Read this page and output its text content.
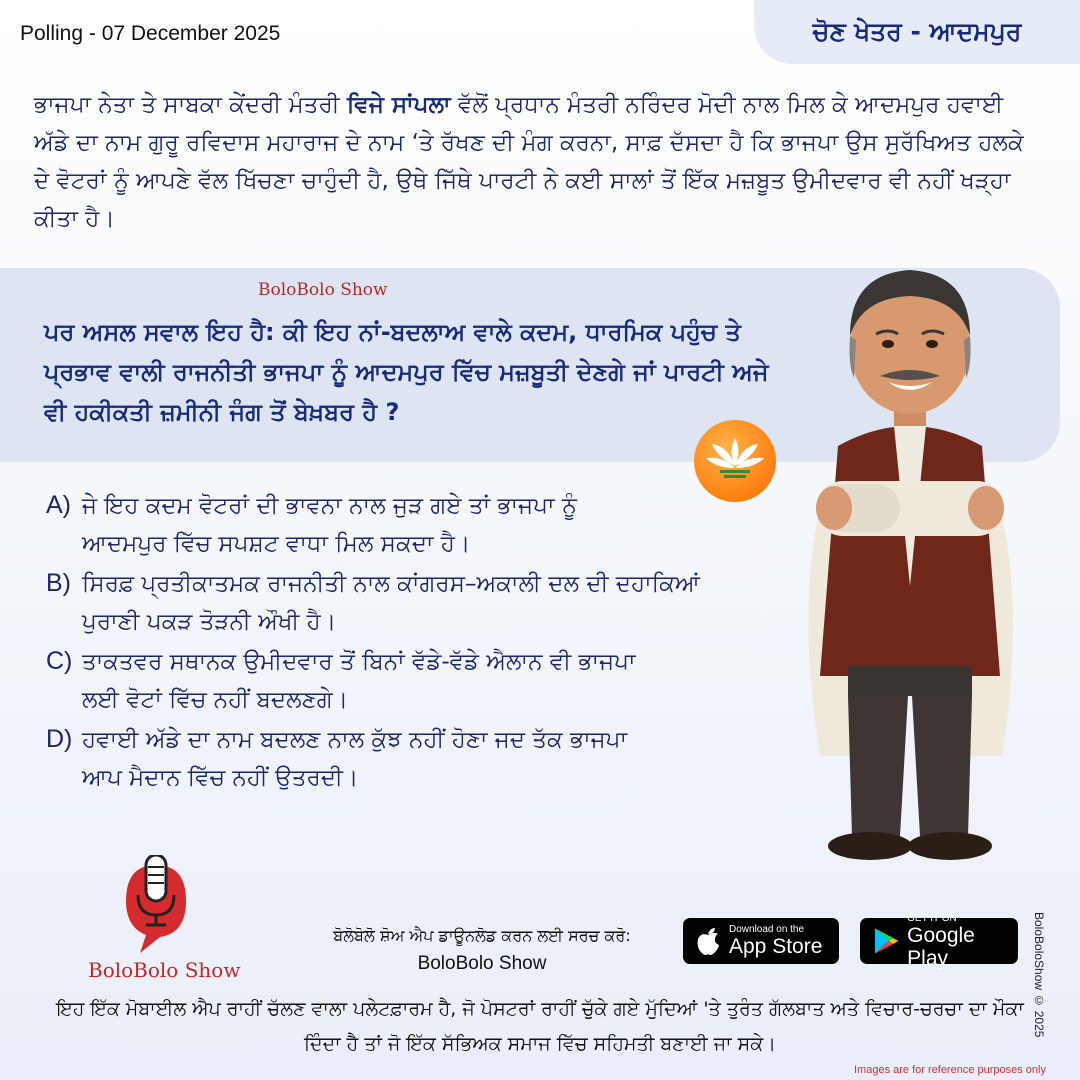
Polling - 07 December 2025	ਚੋਣ ਖੇਤਰ - ਆਦਮਪੁਰ

ਭਾਜਪਾ ਨੇਤਾ ਤੇ ਸਾਬਕਾ ਕੇਂਦਰੀ ਮੰਤਰੀ ਵਿਜੇ ਸਾਂਪਲਾ ਵੱਲੋਂ ਪ੍ਰਧਾਨ ਮੰਤਰੀ ਨਰਿੰਦਰ ਮੋਦੀ ਨਾਲ ਮਿਲ ਕੇ ਆਦਮਪੁਰ ਹਵਾਈ ਅੱਡੇ ਦਾ ਨਾਮ ਗੁਰੂ ਰਵਿਦਾਸ ਮਹਾਰਾਜ ਦੇ ਨਾਮ ‘ਤੇ ਰੱਖਣ ਦੀ ਮੰਗ ਕਰਨਾ, ਸਾਫ਼ ਦੱਸਦਾ ਹੈ ਕਿ ਭਾਜਪਾ ਉਸ ਸੁਰੱਖਿਅਤ ਹਲਕੇ ਦੇ ਵੋਟਰਾਂ ਨੂੰ ਆਪਣੇ ਵੱਲ ਖਿੱਚਣਾ ਚਾਹੁੰਦੀ ਹੈ, ਉਥੇ ਜਿੱਥੇ ਪਾਰਟੀ ਨੇ ਕਈ ਸਾਲਾਂ ਤੋਂ ਇੱਕ ਮਜ਼ਬੂਤ ਉਮੀਦਵਾਰ ਵੀ ਨਹੀਂ ਖੜ੍ਹਾ ਕੀਤਾ ਹੈ।

BoloBolo Show
ਪਰ ਅਸਲ ਸਵਾਲ ਇਹ ਹੈ: ਕੀ ਇਹ ਨਾਂ-ਬਦਲਾਅ ਵਾਲੇ ਕਦਮ, ਧਾਰਮਿਕ ਪਹੁੰਚ ਤੇ ਪ੍ਰਭਾਵ ਵਾਲੀ ਰਾਜਨੀਤੀ ਭਾਜਪਾ ਨੂੰ ਆਦਮਪੁਰ ਵਿੱਚ ਮਜ਼ਬੂਤੀ ਦੇਣਗੇ ਜਾਂ ਪਾਰਟੀ ਅਜੇ ਵੀ ਹਕੀਕਤੀ ਜ਼ਮੀਨੀ ਜੰਗ ਤੋਂ ਬੇਖ਼ਬਰ ਹੈ ?
A) ਜੇ ਇਹ ਕਦਮ ਵੋਟਰਾਂ ਦੀ ਭਾਵਨਾ ਨਾਲ ਜੁੜ ਗਏ ਤਾਂ ਭਾਜਪਾ ਨੂੰ
ਆਦਮਪੁਰ ਵਿੱਚ ਸਪਸ਼ਟ ਵਾਧਾ ਮਿਲ ਸਕਦਾ ਹੈ।
B) ਸਿਰਫ਼ ਪ੍ਰਤੀਕਾਤਮਕ ਰਾਜਨੀਤੀ ਨਾਲ ਕਾਂਗਰਸ–ਅਕਾਲੀ ਦਲ ਦੀ ਦਹਾਕਿਆਂ
ਪੁਰਾਣੀ ਪਕੜ ਤੋੜਨੀ ਔਖੀ ਹੈ।
C) ਤਾਕਤਵਰ ਸਥਾਨਕ ਉਮੀਦਵਾਰ ਤੋਂ ਬਿਨਾਂ ਵੱਡੇ-ਵੱਡੇ ਐਲਾਨ ਵੀ ਭਾਜਪਾ
ਲਈ ਵੋਟਾਂ ਵਿੱਚ ਨਹੀਂ ਬਦਲਣਗੇ।
D) ਹਵਾਈ ਅੱਡੇ ਦਾ ਨਾਮ ਬਦਲਣ ਨਾਲ ਕੁੱਝ ਨਹੀਂ ਹੋਣਾ ਜਦ ਤੱਕ ਭਾਜਪਾ
ਆਪ ਮੈਦਾਨ ਵਿੱਚ ਨਹੀਂ ਉਤਰਦੀ।
BoloBolo Show
ਬੋਲੋਬੋਲੋ ਸ਼ੋਅ ਐਪ ਡਾਊਨਲੋਡ ਕਰਨ ਲਈ ਸਰਚ ਕਰੋ:
BoloBolo Show
Download on the
App Store
GET IT ON
Google Play
ਇਹ ਇੱਕ ਮੋਬਾਈਲ ਐਪ ਰਾਹੀਂ ਚੱਲਣ ਵਾਲਾ ਪਲੇਟਫ਼ਾਰਮ ਹੈ, ਜੋ ਪੋਸਟਰਾਂ ਰਾਹੀਂ ਚੁੱਕੇ ਗਏ ਮੁੱਦਿਆਂ 'ਤੇ ਤੁਰੰਤ ਗੱਲਬਾਤ ਅਤੇ ਵਿਚਾਰ-ਚਰਚਾ ਦਾ ਮੌਕਾ ਦਿੰਦਾ ਹੈ ਤਾਂ ਜੋ ਇੱਕ ਸੱਭਿਅਕ ਸਮਾਜ ਵਿੱਚ ਸਹਿਮਤੀ ਬਣਾਈ ਜਾ ਸਕੇ।
BoloBoloShow © 2025
Images are for reference purposes only
